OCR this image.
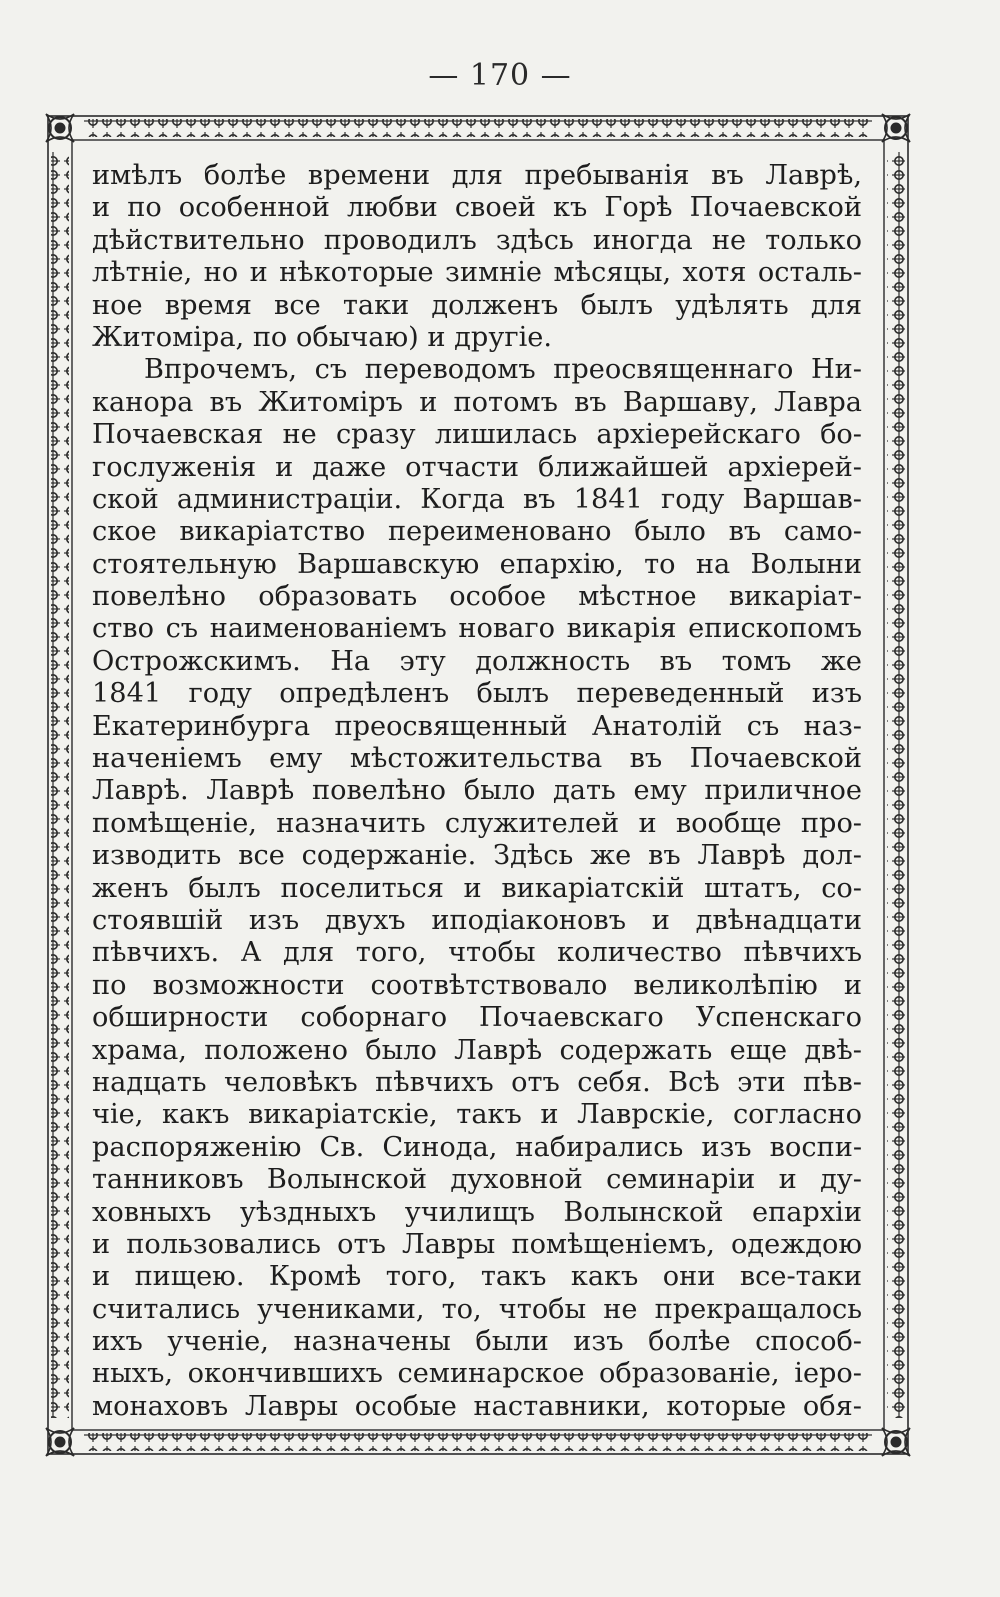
— 170 —
имѣлъ болѣе времени для пребыванія въ Лаврѣ,
и по особенной любви своей къ Горѣ Почаевской
дѣйствительно проводилъ здѣсь иногда не только
лѣтніе, но и нѣкоторые зимніе мѣсяцы, хотя осталь-
ное время все таки долженъ былъ удѣлять для
Житоміра, по обычаю) и другіе.
Впрочемъ, съ переводомъ преосвященнаго Ни-
канора въ Житоміръ и потомъ въ Варшаву, Лавра
Почаевская не сразу лишилась архіерейскаго бо-
гослуженія и даже отчасти ближайшей архіерей-
ской администраціи. Когда въ 1841 году Варшав-
ское викаріатство переименовано было въ само-
стоятельную Варшавскую епархію, то на Волыни
повелѣно образовать особое мѣстное викаріат-
ство съ наименованіемъ новаго викарія епископомъ
Острожскимъ. На эту должность въ томъ же
1841 году опредѣленъ былъ переведенный изъ
Екатеринбурга преосвященный Анатолій съ наз-
наченіемъ ему мѣстожительства въ Почаевской
Лаврѣ. Лаврѣ повелѣно было дать ему приличное
помѣщеніе, назначить служителей и вообще про-
изводить все содержаніе. Здѣсь же въ Лаврѣ дол-
женъ былъ поселиться и викаріатскій штатъ, со-
стоявшій изъ двухъ иподіаконовъ и двѣнадцати
пѣвчихъ. А для того, чтобы количество пѣвчихъ
по возможности соотвѣтствовало великолѣпію и
обширности соборнаго Почаевскаго Успенскаго
храма, положено было Лаврѣ содержать еще двѣ-
надцать человѣкъ пѣвчихъ отъ себя. Всѣ эти пѣв-
чіе, какъ викаріатскіе, такъ и Лаврскіе, согласно
распоряженію Св. Синода, набирались изъ воспи-
танниковъ Волынской духовной семинаріи и ду-
ховныхъ уѣздныхъ училищъ Волынской епархіи
и пользовались отъ Лавры помѣщеніемъ, одеждою
и пищею. Кромѣ того, такъ какъ они все-таки
считались учениками, то, чтобы не прекращалось
ихъ ученіе, назначены были изъ болѣе способ-
ныхъ, окончившихъ семинарское образованіе, іеро-
монаховъ Лавры особые наставники, которые обя-
